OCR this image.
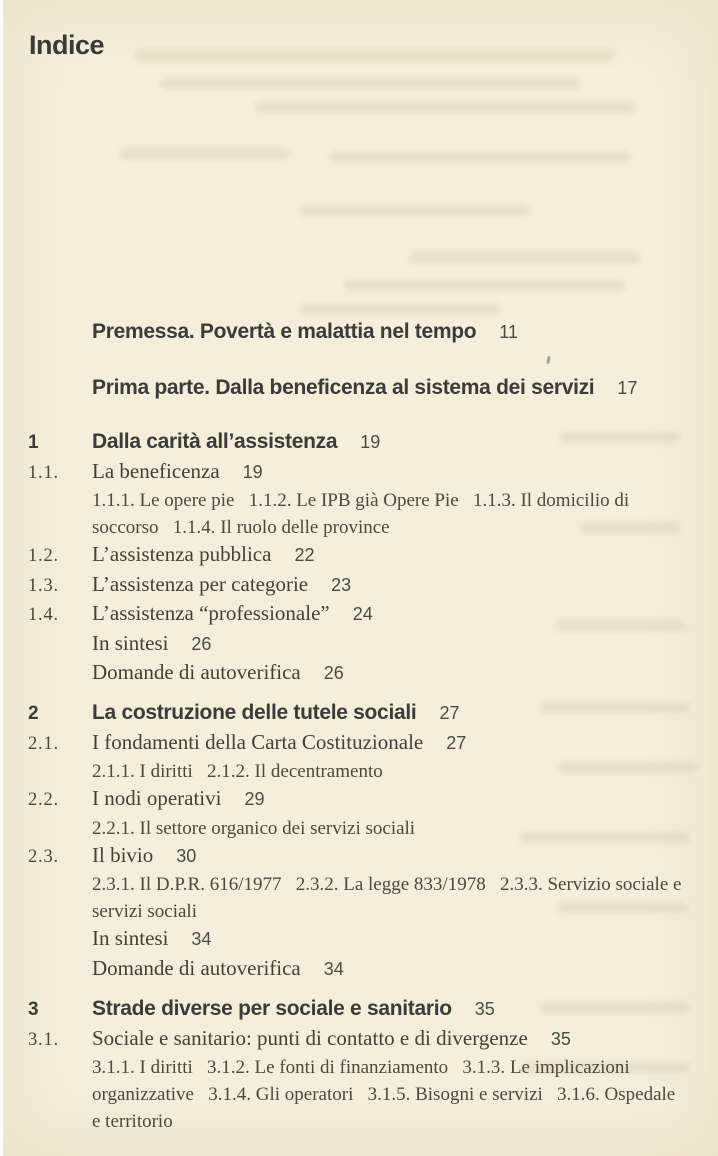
Indice
Premessa. Povertà e malattia nel tempo 11
Prima parte. Dalla beneficenza al sistema dei servizi 17
1	Dalla carità all’assistenza 19
1.1.	La beneficenza 19
1.1.1. Le opere pie   1.1.2. Le IPB già Opere Pie   1.1.3. Il domicilio di soccorso   1.1.4. Il ruolo delle province
1.2.	L’assistenza pubblica 22
1.3.	L’assistenza per categorie 23
1.4.	L’assistenza “professionale” 24
In sintesi 26
Domande di autoverifica 26
2	La costruzione delle tutele sociali 27
2.1.	I fondamenti della Carta Costituzionale 27
2.1.1. I diritti   2.1.2. Il decentramento
2.2.	I nodi operativi 29
2.2.1. Il settore organico dei servizi sociali
2.3.	Il bivio 30
2.3.1. Il D.P.R. 616/1977   2.3.2. La legge 833/1978   2.3.3. Servizio sociale e servizi sociali
In sintesi 34
Domande di autoverifica 34
3	Strade diverse per sociale e sanitario 35
3.1.	Sociale e sanitario: punti di contatto e di divergenze 35
3.1.1. I diritti   3.1.2. Le fonti di finanziamento   3.1.3. Le implicazioni organizzative   3.1.4. Gli operatori   3.1.5. Bisogni e servizi   3.1.6. Ospedale e territorio
